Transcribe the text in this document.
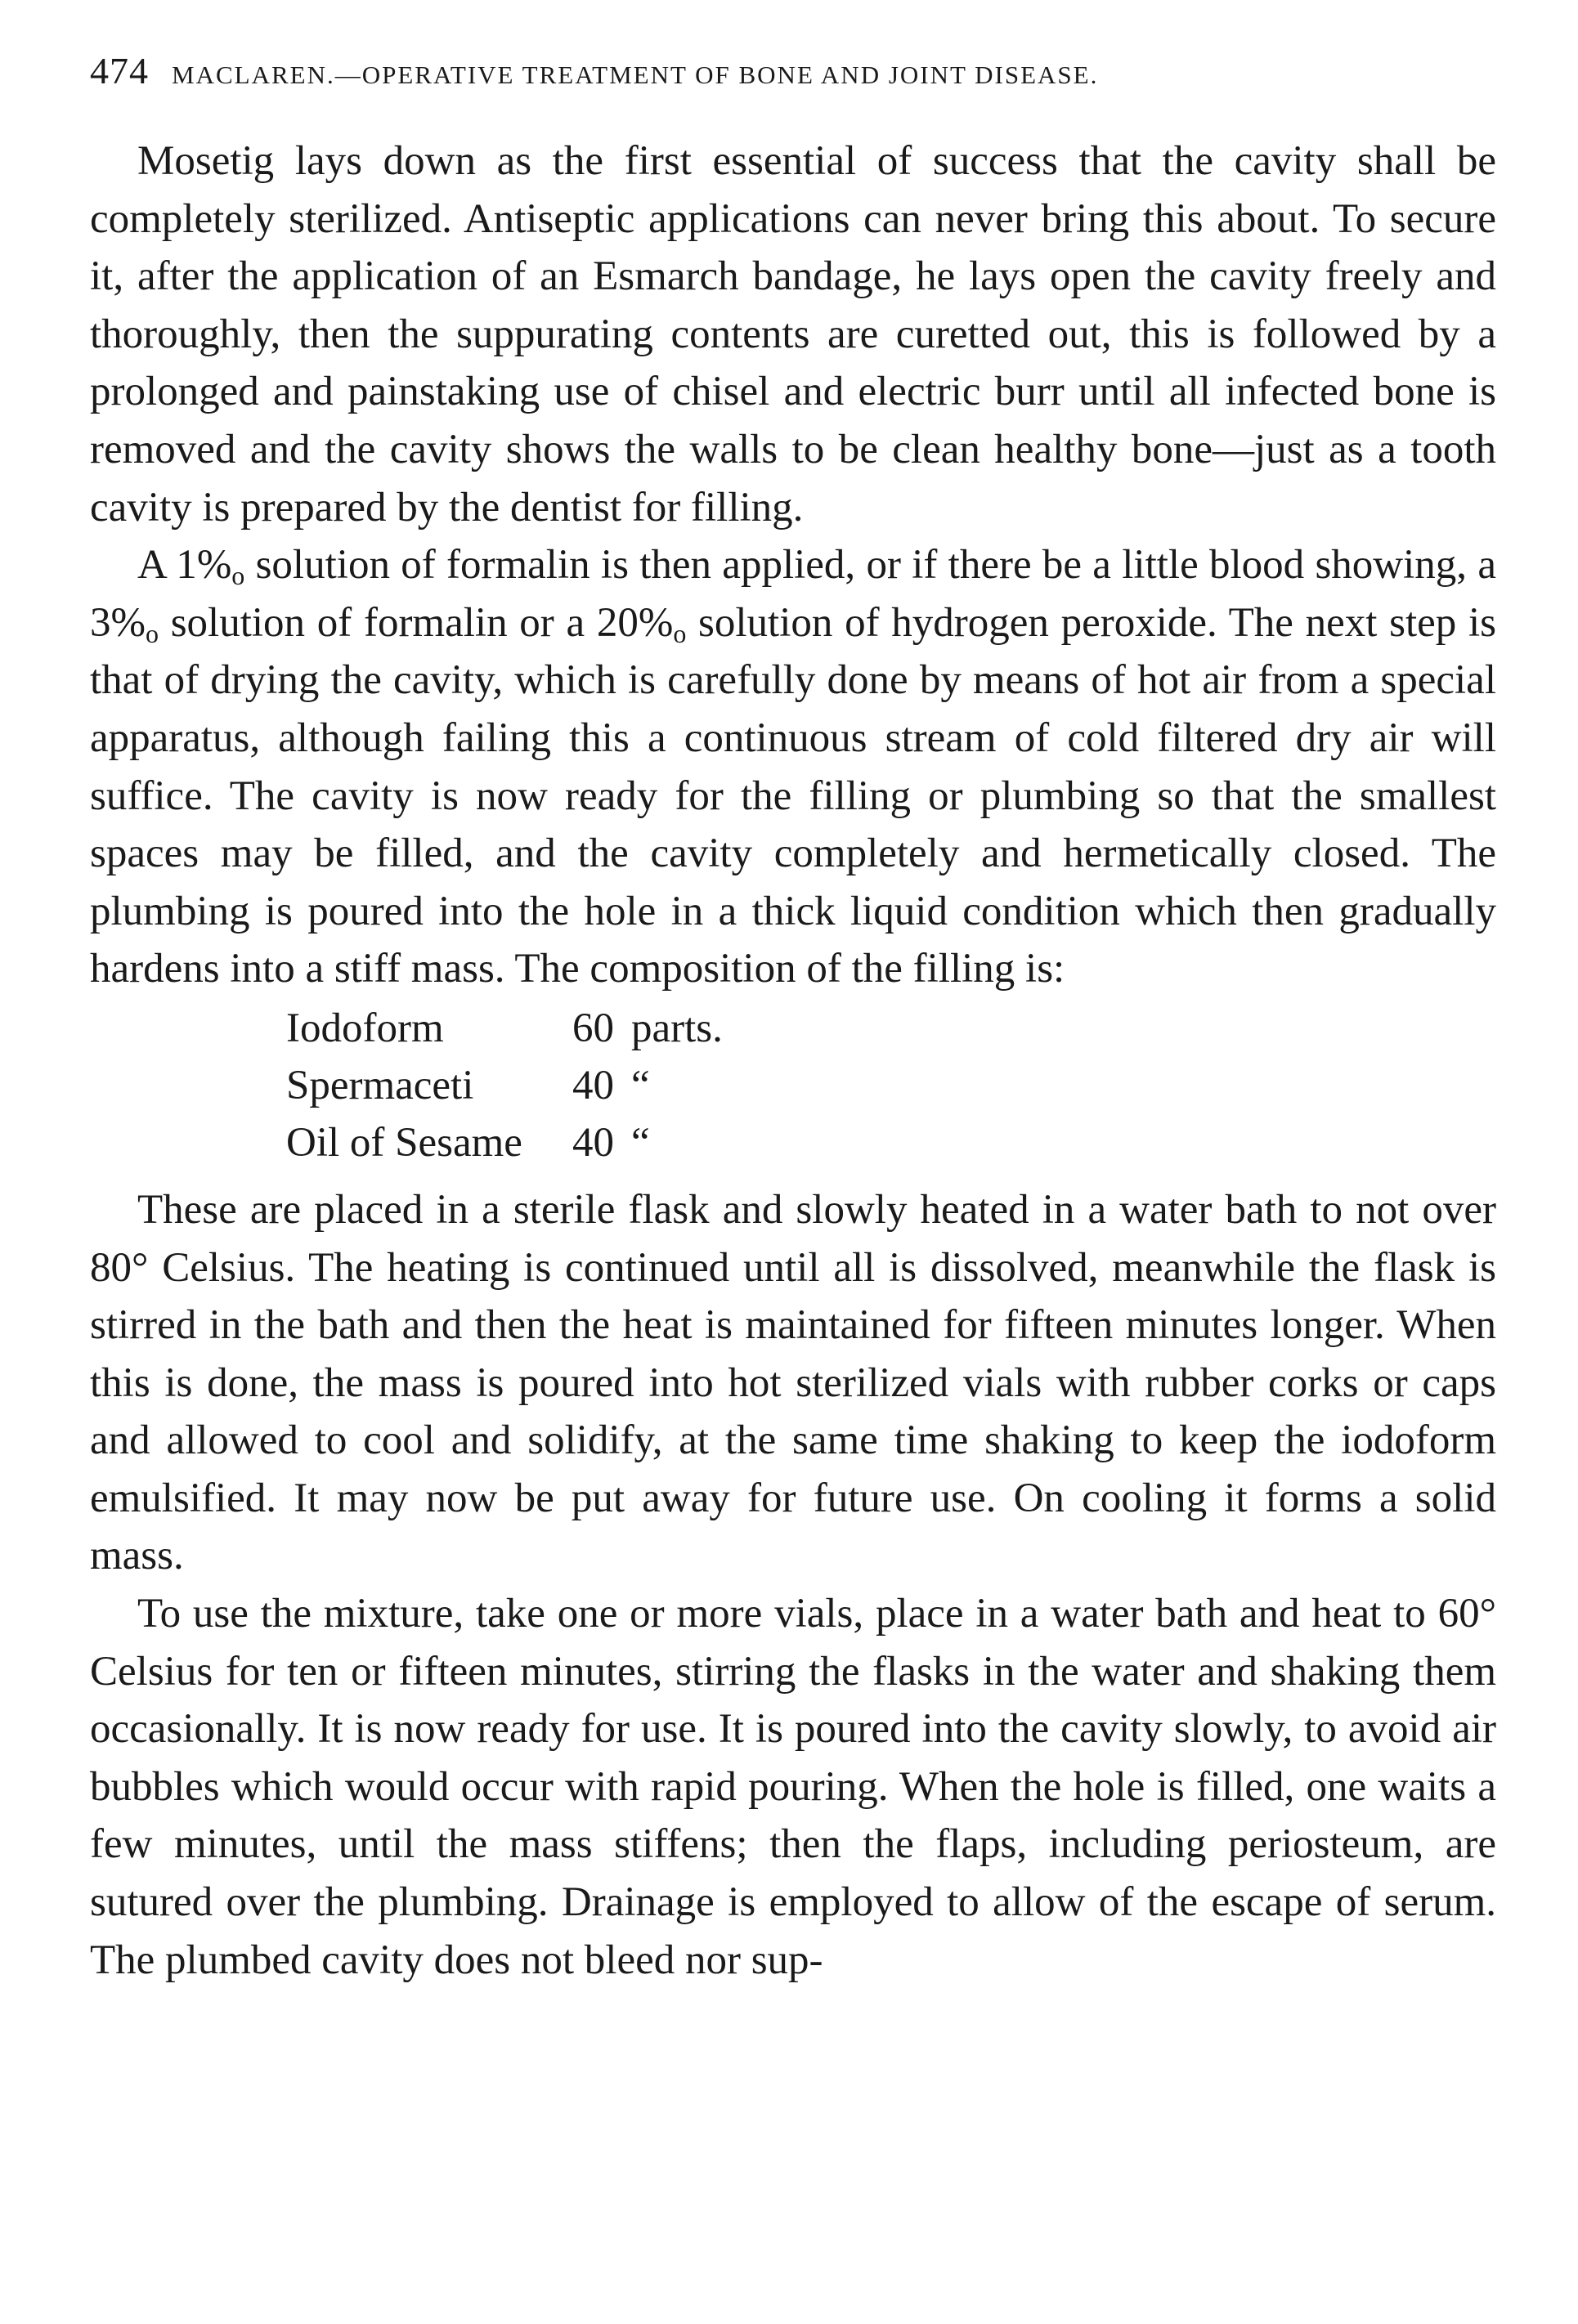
474 MACLAREN.—OPERATIVE TREATMENT OF BONE AND JOINT DISEASE.

Mosetig lays down as the first essential of success that the cavity shall be completely sterilized. Antiseptic applications can never bring this about. To secure it, after the application of an Esmarch bandage, he lays open the cavity freely and thoroughly, then the suppurating contents are curetted out, this is followed by a prolonged and painstaking use of chisel and electric burr until all infected bone is removed and the cavity shows the walls to be clean healthy bone—just as a tooth cavity is prepared by the dentist for filling.

A $1\%_o$ solution of formalin is then applied, or if there be a little blood showing, a $3\%_o$ solution of formalin or a $20\%_o$ solution of hydrogen peroxide. The next step is that of drying the cavity, which is carefully done by means of hot air from a special apparatus, although failing this a continuous stream of cold filtered dry air will suffice. The cavity is now ready for the filling or plumbing so that the smallest spaces may be filled, and the cavity completely and hermetically closed. The plumbing is poured into the hole in a thick liquid condition which then gradually hardens into a stiff mass. The composition of the filling is:

Iodoform	60 parts.
Spermaceti	40 “
Oil of Sesame	40 “

These are placed in a sterile flask and slowly heated in a water bath to not over 80° Celsius. The heating is continued until all is dissolved, meanwhile the flask is stirred in the bath and then the heat is maintained for fifteen minutes longer. When this is done, the mass is poured into hot sterilized vials with rubber corks or caps and allowed to cool and solidify, at the same time shaking to keep the iodoform emulsified. It may now be put away for future use. On cooling it forms a solid mass.

To use the mixture, take one or more vials, place in a water bath and heat to 60° Celsius for ten or fifteen minutes, stirring the flasks in the water and shaking them occasionally. It is now ready for use. It is poured into the cavity slowly, to avoid air bubbles which would occur with rapid pouring. When the hole is filled, one waits a few minutes, until the mass stiffens; then the flaps, including periosteum, are sutured over the plumbing. Drainage is employed to allow of the escape of serum. The plumbed cavity does not bleed nor sup-
